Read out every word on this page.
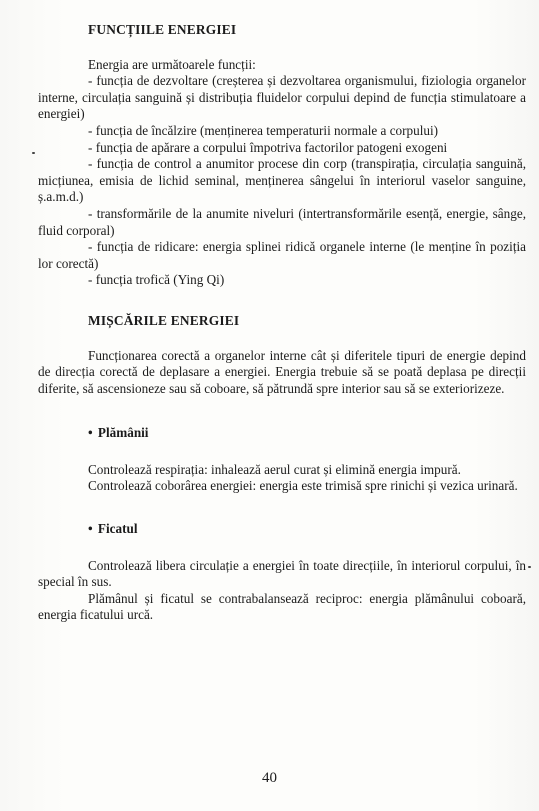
FUNCȚIILE ENERGIEI

Energia are următoarele funcții:

- funcția de dezvoltare (creșterea și dezvoltarea organismului, fiziologia organelor interne, circulația sanguină și distribuția fluidelor corpului depind de funcția stimulatoare a energiei)
- funcția de încălzire (menținerea temperaturii normale a corpului)
- funcția de apărare a corpului împotriva factorilor patogeni exogeni
- funcția de control a anumitor procese din corp (transpirația, circulația sanguină, micțiunea, emisia de lichid seminal, menținerea sângelui în interiorul vaselor sanguine, ș.a.m.d.)
- transformările de la anumite niveluri (intertransformările esență, energie, sânge, fluid corporal)
- funcția de ridicare: energia splinei ridică organele interne (le menține în poziția lor corectă)
- funcția trofică (Ying Qi)
MIȘCĂRILE ENERGIEI

Funcționarea corectă a organelor interne cât și diferitele tipuri de energie depind de direcția corectă de deplasare a energiei. Energia trebuie să se poată deplasa pe direcții diferite, să ascensioneze sau să coboare, să pătrundă spre interior sau să se exteriorizeze.

• Plămânii

Controlează respirația: inhalează aerul curat și elimină energia impură.

Controlează coborârea energiei: energia este trimisă spre rinichi și vezica urinară.

• Ficatul

Controlează libera circulație a energiei în toate direcțiile, în interiorul corpului, în special în sus.

Plămânul și ficatul se contrabalansează reciproc: energia plămânului coboară, energia ficatului urcă.

40
